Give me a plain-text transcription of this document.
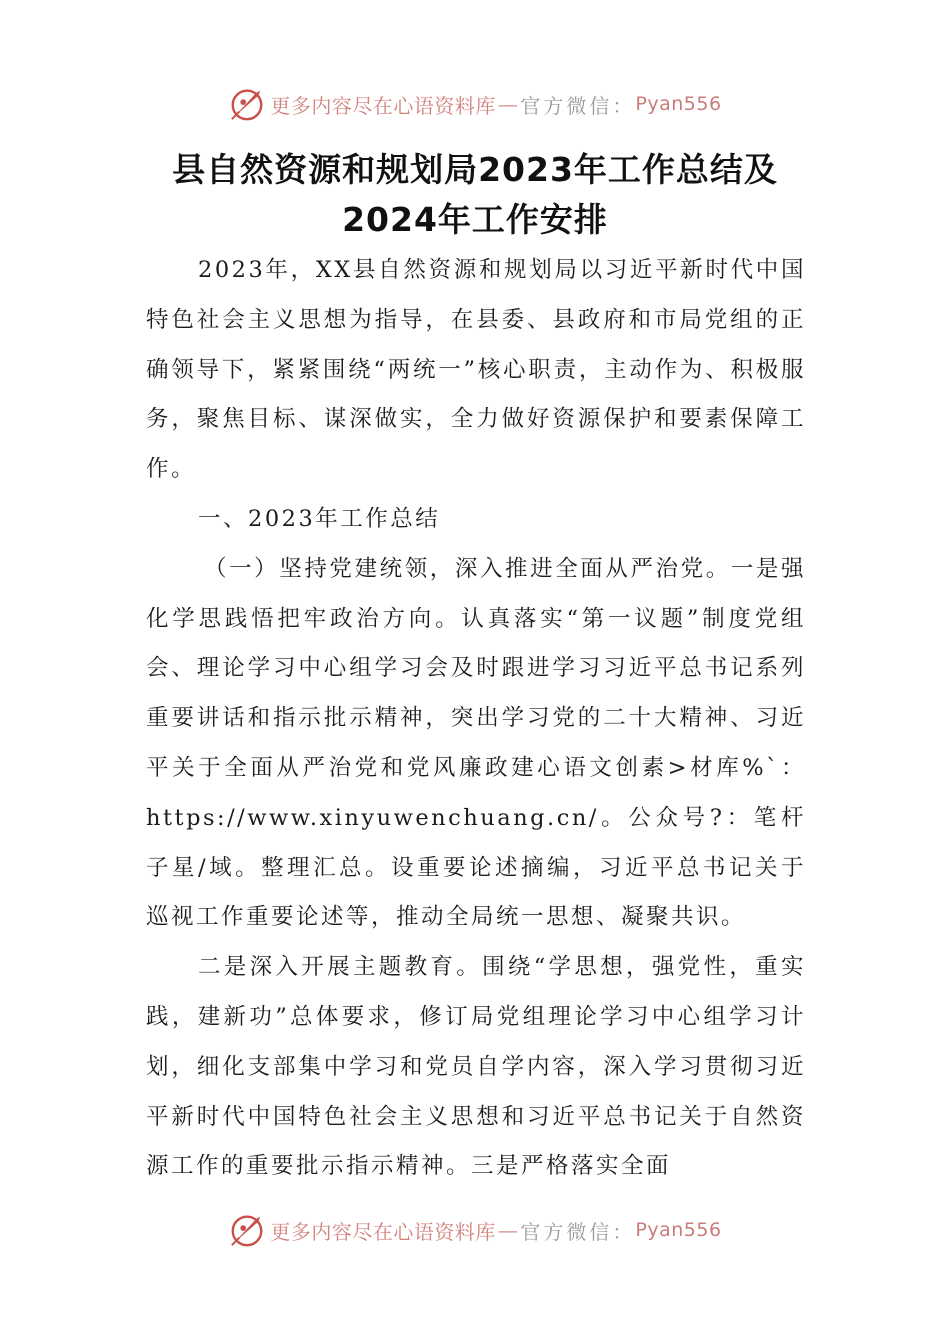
更多内容尽在心语资料库 — 官方微信： Pyan556
县自然资源和规划局2023年工作总结及
2024年工作安排

2023年，XX县自然资源和规划局以习近平新时代中国特色社会主义思想为指导，在县委、县政府和市局党组的正确领导下，紧紧围绕“两统一”核心职责，主动作为、积极服务，聚焦目标、谋深做实，全力做好资源保护和要素保障工作。

一、2023年工作总结

（一）坚持党建统领，深入推进全面从严治党。一是强化学思践悟把牢政治方向。认真落实“第一议题”制度党组会、理论学习中心组学习会及时跟进学习习近平总书记系列重要讲话和指示批示精神，突出学习党的二十大精神、习近平关于全面从严治党和党风廉政建心语文创素>材库%`：https://www.xinyuwenchuang.cn/。公众号?：笔杆子星/域。整理汇总。设重要论述摘编，习近平总书记关于巡视工作重要论述等，推动全局统一思想、凝聚共识。

二是深入开展主题教育。围绕“学思想，强党性，重实践，建新功”总体要求，修订局党组理论学习中心组学习计划，细化支部集中学习和党员自学内容，深入学习贯彻习近平新时代中国特色社会主义思想和习近平总书记关于自然资源工作的重要批示指示精神。三是严格落实全面

更多内容尽在心语资料库 — 官方微信： Pyan556
